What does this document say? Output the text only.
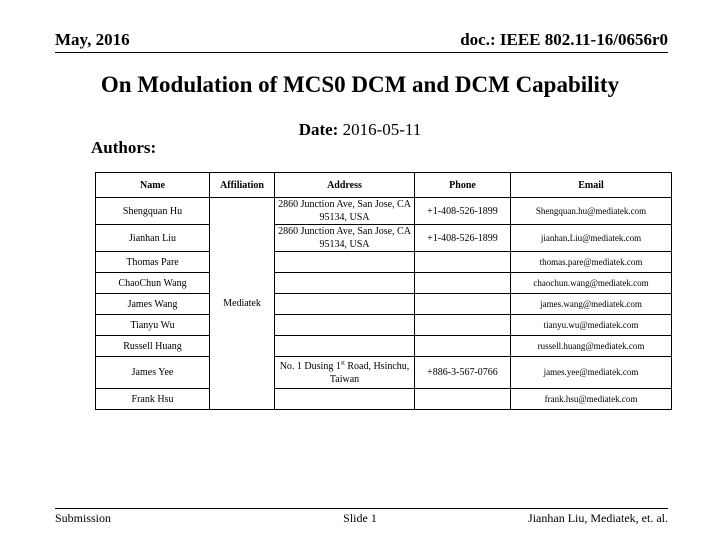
May, 2016	doc.: IEEE 802.11-16/0656r0
On Modulation of MCS0 DCM and DCM Capability
Date: 2016-05-11
Authors:
Name	Affiliation	Address	Phone	Email
Shengquan Hu	Mediatek	2860 Junction Ave, San Jose, CA 95134, USA	+1-408-526-1899	Shengquan.hu@mediatek.com
Jianhan Liu		2860 Junction Ave, San Jose, CA 95134, USA	+1-408-526-1899	jianhan.Liu@mediatek.com
Thomas Pare				thomas.pare@mediatek.com
ChaoChun Wang				chaochun.wang@mediatek.com
James Wang				james.wang@mediatek.com
Tianyu Wu				tianyu.wu@mediatek.com
Russell Huang				russell.huang@mediatek.com
James Yee		No. 1 Dusing 1st Road, Hsinchu, Taiwan	+886-3-567-0766	james.yee@mediatek.com
Frank Hsu				frank.hsu@mediatek.com
Submission	Slide 1	Jianhan Liu, Mediatek, et. al.
